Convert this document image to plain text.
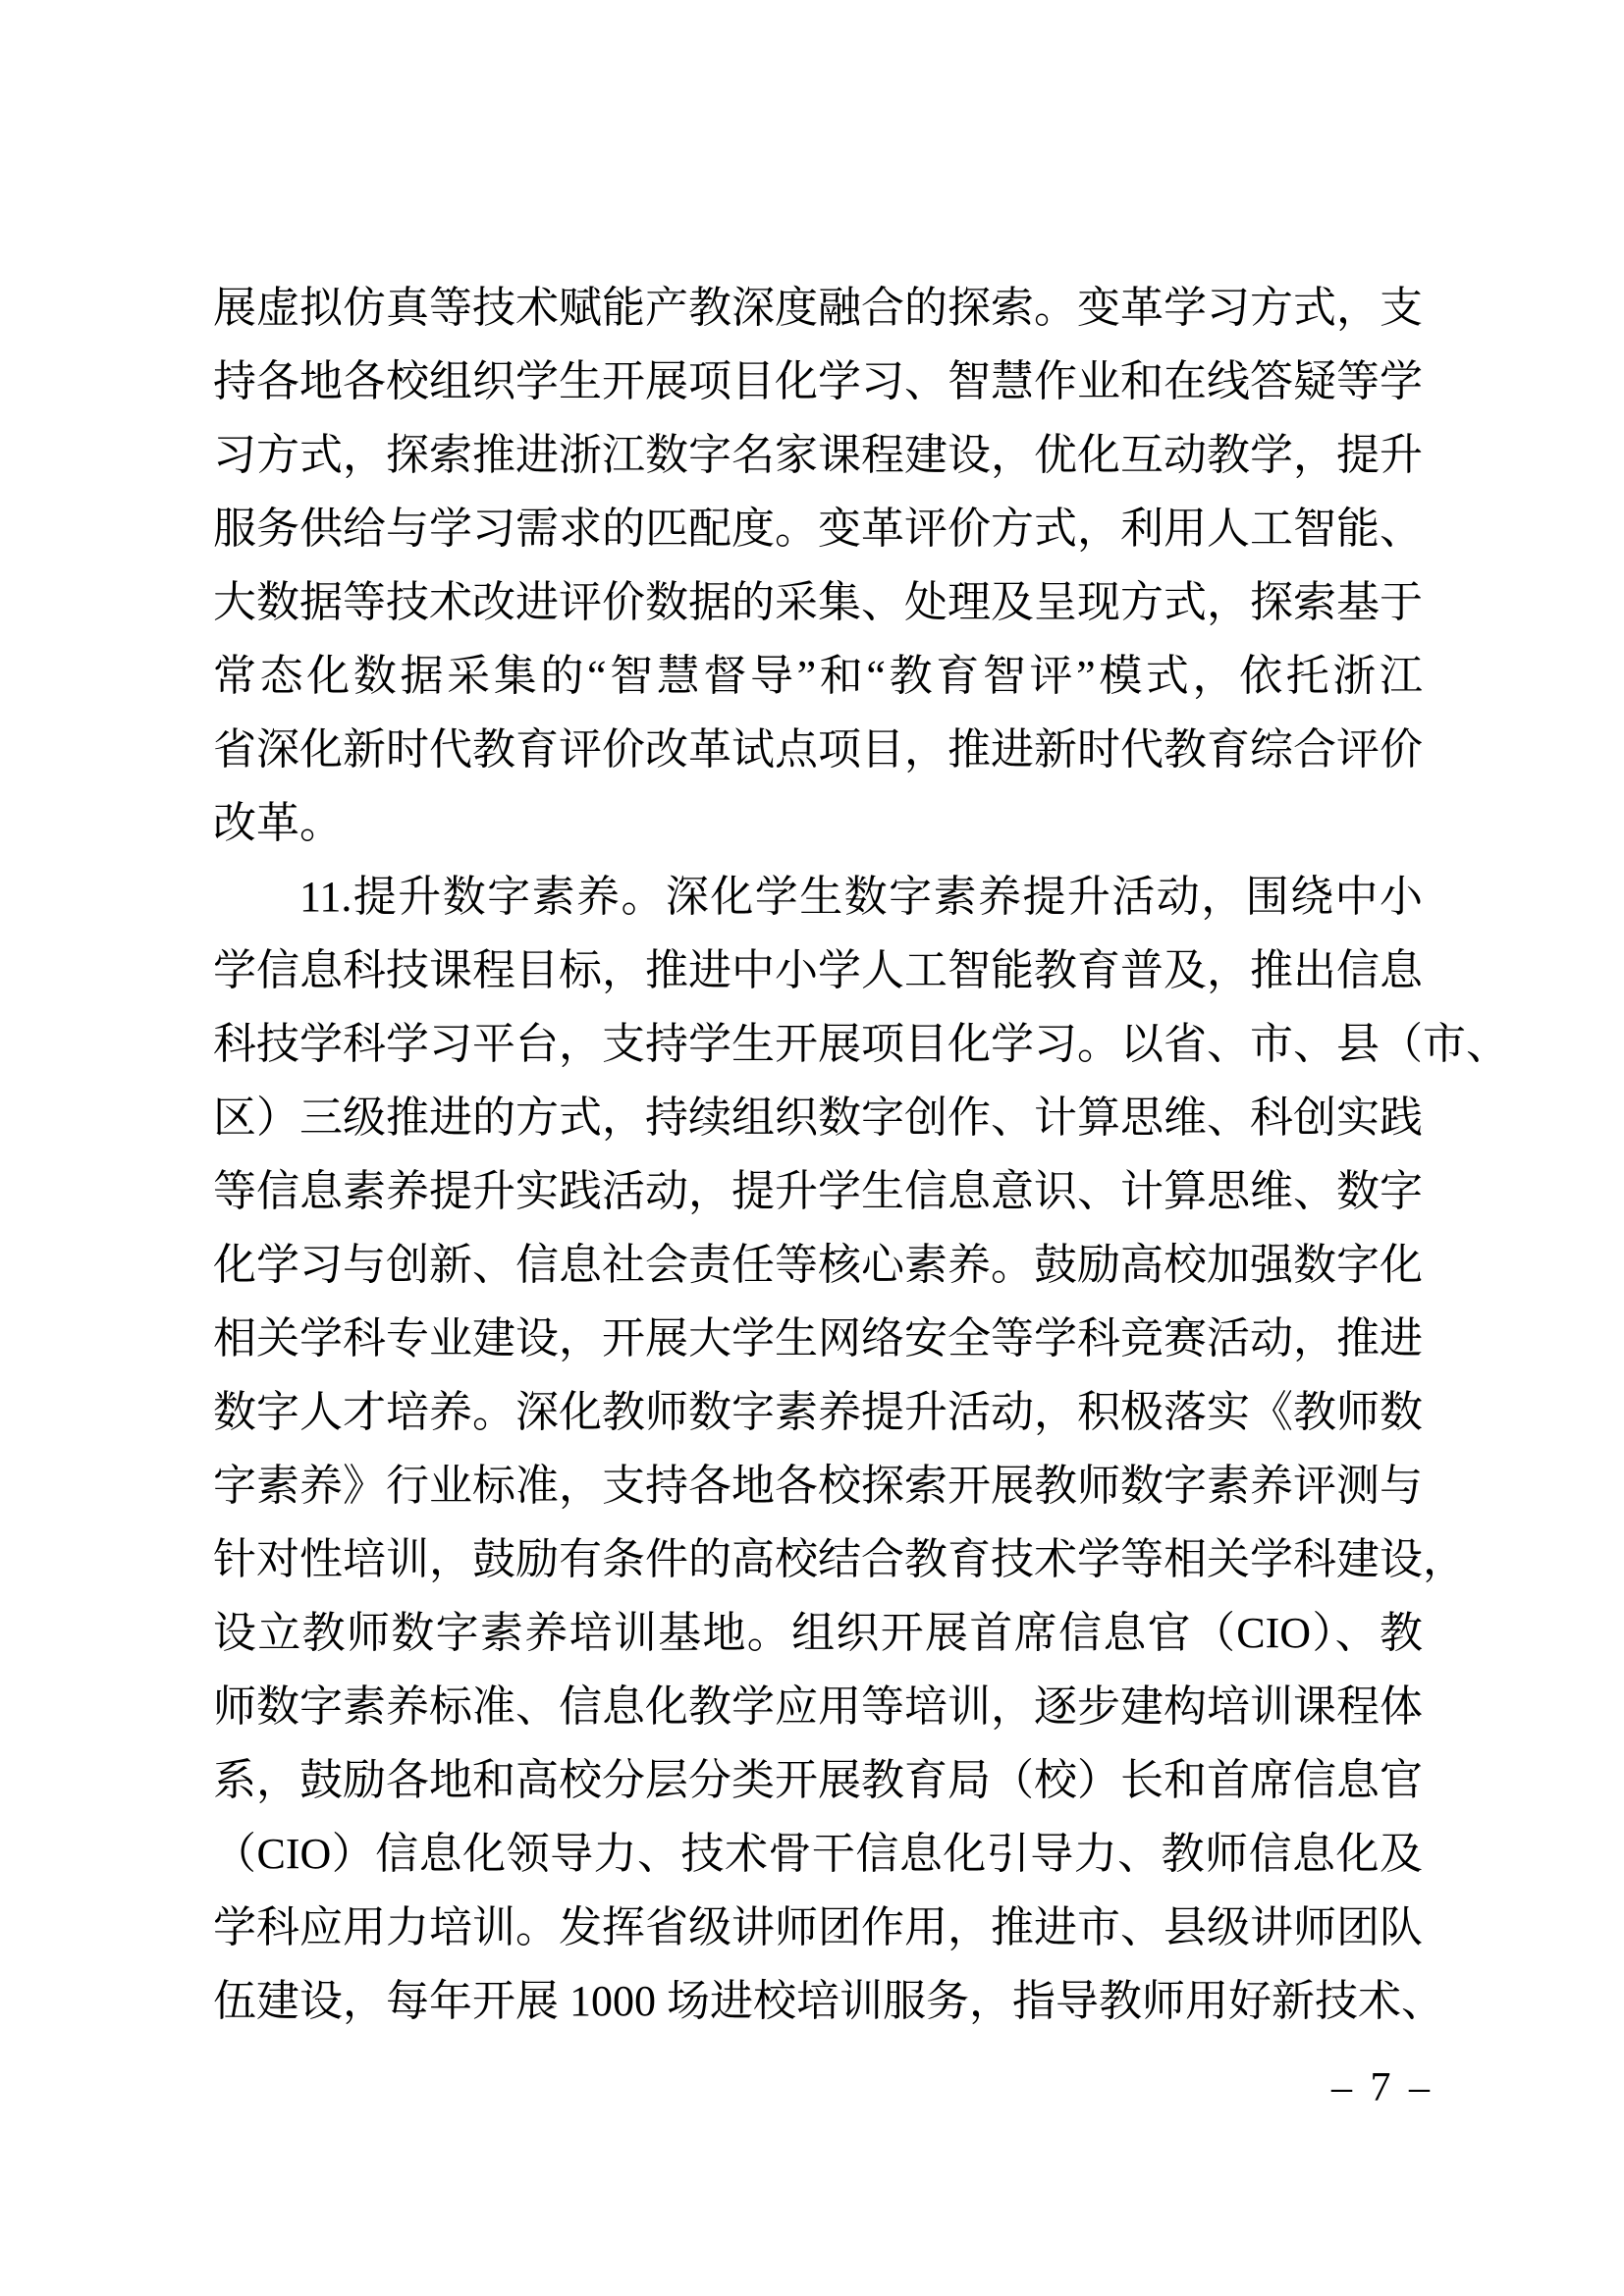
展虚拟仿真等技术赋能产教深度融合的探索。变革学习方式，支
持各地各校组织学生开展项目化学习、智慧作业和在线答疑等学
习方式，探索推进浙江数字名家课程建设，优化互动教学，提升
服务供给与学习需求的匹配度。变革评价方式，利用人工智能、
大数据等技术改进评价数据的采集、处理及呈现方式，探索基于
常态化数据采集的“智慧督导”和“教育智评”模式，依托浙江
省深化新时代教育评价改革试点项目，推进新时代教育综合评价
改革。
11.提升数字素养。深化学生数字素养提升活动，围绕中小
学信息科技课程目标，推进中小学人工智能教育普及，推出信息
科技学科学习平台，支持学生开展项目化学习。以省、市、县（市、
区）三级推进的方式，持续组织数字创作、计算思维、科创实践
等信息素养提升实践活动，提升学生信息意识、计算思维、数字
化学习与创新、信息社会责任等核心素养。鼓励高校加强数字化
相关学科专业建设，开展大学生网络安全等学科竞赛活动，推进
数字人才培养。深化教师数字素养提升活动，积极落实《教师数
字素养》行业标准，支持各地各校探索开展教师数字素养评测与
针对性培训，鼓励有条件的高校结合教育技术学等相关学科建设，
设立教师数字素养培训基地。组织开展首席信息官（CIO）、教
师数字素养标准、信息化教学应用等培训，逐步建构培训课程体
系，鼓励各地和高校分层分类开展教育局（校）长和首席信息官
（CIO）信息化领导力、技术骨干信息化引导力、教师信息化及
学科应用力培训。发挥省级讲师团作用，推进市、县级讲师团队
伍建设，每年开展 1000 场进校培训服务，指导教师用好新技术、
– 7 –
